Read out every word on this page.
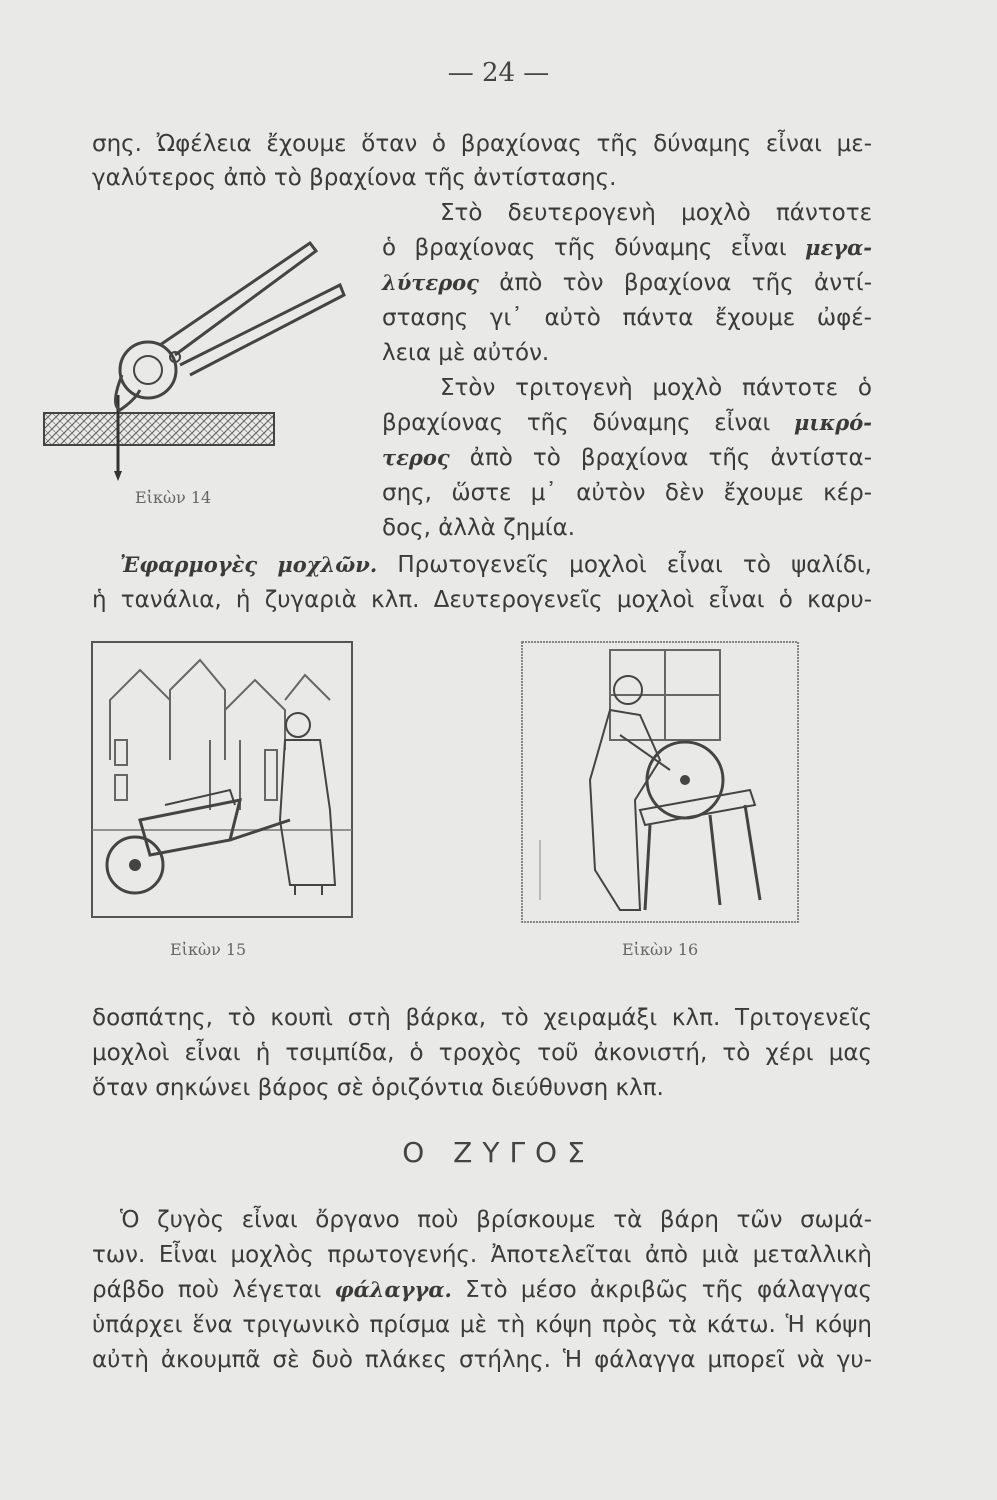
— 24 —
σης. Ὠφέλεια ἔχουμε ὅταν ὁ βραχίονας τῆς δύναμης εἶναι με-
γαλύτερος ἀπὸ τὸ βραχίονα τῆς ἀντίστασης.
Εἰκὼν 14
Στὸ δευτερογενὴ μοχλὸ πάντοτε
ὁ βραχίονας τῆς δύναμης εἶναι μεγα-
λύτερος ἀπὸ τὸν βραχίονα τῆς ἀντί-
στασης γι᾽ αὐτὸ πάντα ἔχουμε ὠφέ-
λεια μὲ αὐτόν.
Στὸν τριτογενὴ μοχλὸ πάντοτε ὁ
βραχίονας τῆς δύναμης εἶναι μικρό-
τερος ἀπὸ τὸ βραχίονα τῆς ἀντίστα-
σης, ὥστε μ᾽ αὐτὸν δὲν ἔχουμε κέρ-
δος, ἀλλὰ ζημία.
Ἐφαρμογὲς μοχλῶν. Πρωτογενεῖς μοχλοὶ εἶναι τὸ ψαλίδι,
ἡ τανάλια, ἡ ζυγαριὰ κλπ. Δευτερογενεῖς μοχλοὶ εἶναι ὁ καρυ-
Εἰκὼν 15	Εἰκὼν 16
δοσπάτης, τὸ κουπὶ στὴ βάρκα, τὸ χειραμάξι κλπ. Τριτογενεῖς
μοχλοὶ εἶναι ἡ τσιμπίδα, ὁ τροχὸς τοῦ ἀκονιστή, τὸ χέρι μας
ὅταν σηκώνει βάρος σὲ ὁριζόντια διεύθυνση κλπ.
Ο ΖΥΓΟΣ
Ὁ ζυγὸς εἶναι ὄργανο ποὺ βρίσκουμε τὰ βάρη τῶν σωμά-
των. Εἶναι μοχλὸς πρωτογενής. Ἀποτελεῖται ἀπὸ μιὰ μεταλλικὴ
ράβδο ποὺ λέγεται φάλαγγα. Στὸ μέσο ἀκριβῶς τῆς φάλαγγας
ὑπάρχει ἕνα τριγωνικὸ πρίσμα μὲ τὴ κόψη πρὸς τὰ κάτω. Ἡ κόψη
αὐτὴ ἀκουμπᾶ σὲ δυὸ πλάκες στήλης. Ἡ φάλαγγα μπορεῖ νὰ γυ-
